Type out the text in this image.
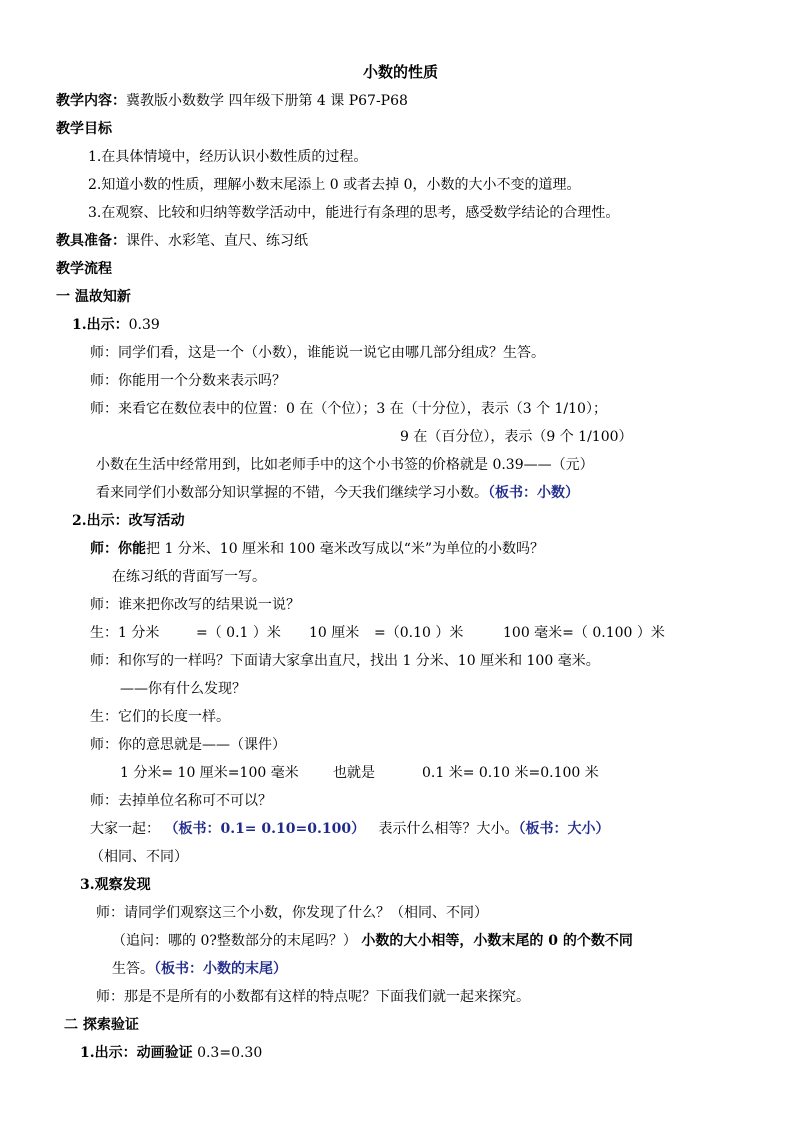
小数的性质
教学内容：冀教版小数数学 四年级下册第 4 课 P67-P68
教学目标
1.在具体情境中，经历认识小数性质的过程。
2.知道小数的性质，理解小数末尾添上 0 或者去掉 0，小数的大小不变的道理。
3.在观察、比较和归纳等数学活动中，能进行有条理的思考，感受数学结论的合理性。
教具准备：课件、水彩笔、直尺、练习纸
教学流程
一 温故知新
1.出示：0.39
师：同学们看，这是一个（小数），谁能说一说它由哪几部分组成？生答。
师：你能用一个分数来表示吗？
师：来看它在数位表中的位置：0 在（个位）；3 在（十分位），表示（3 个 1/10）；
9 在（百分位），表示（9 个 1/100）
小数在生活中经常用到，比如老师手中的这个小书签的价格就是 0.39——（元）
看来同学们小数部分知识掌握的不错，今天我们继续学习小数。（板书：小数）
2.出示：改写活动
师：你能把 1 分米、10 厘米和 100 毫米改写成以“米”为单位的小数吗？
在练习纸的背面写一写。
师：谁来把你改写的结果说一说？
生：1 分米	=（ 0.1 ）米 10 厘米 =（0.10 ）米	100 毫米=（ 0.100 ）米
师：和你写的一样吗？下面请大家拿出直尺，找出 1 分米、10 厘米和 100 毫米。
——你有什么发现？
生：它们的长度一样。
师：你的意思就是——（课件）
1 分米= 10 厘米=100 毫米 也就是	0.1 米= 0.10 米=0.100 米
师：去掉单位名称可不可以？
大家一起： （板书：0.1= 0.10=0.100） 表示什么相等？大小。（板书：大小）
（相同、不同）
3.观察发现
师：请同学们观察这三个小数，你发现了什么？（相同、不同）
（追问：哪的 0?整数部分的末尾吗？） 小数的大小相等，小数末尾的 0 的个数不同
生答。（板书：小数的末尾）
师：那是不是所有的小数都有这样的特点呢？下面我们就一起来探究。
二 探索验证
1.出示：动画验证 0.3=0.30
